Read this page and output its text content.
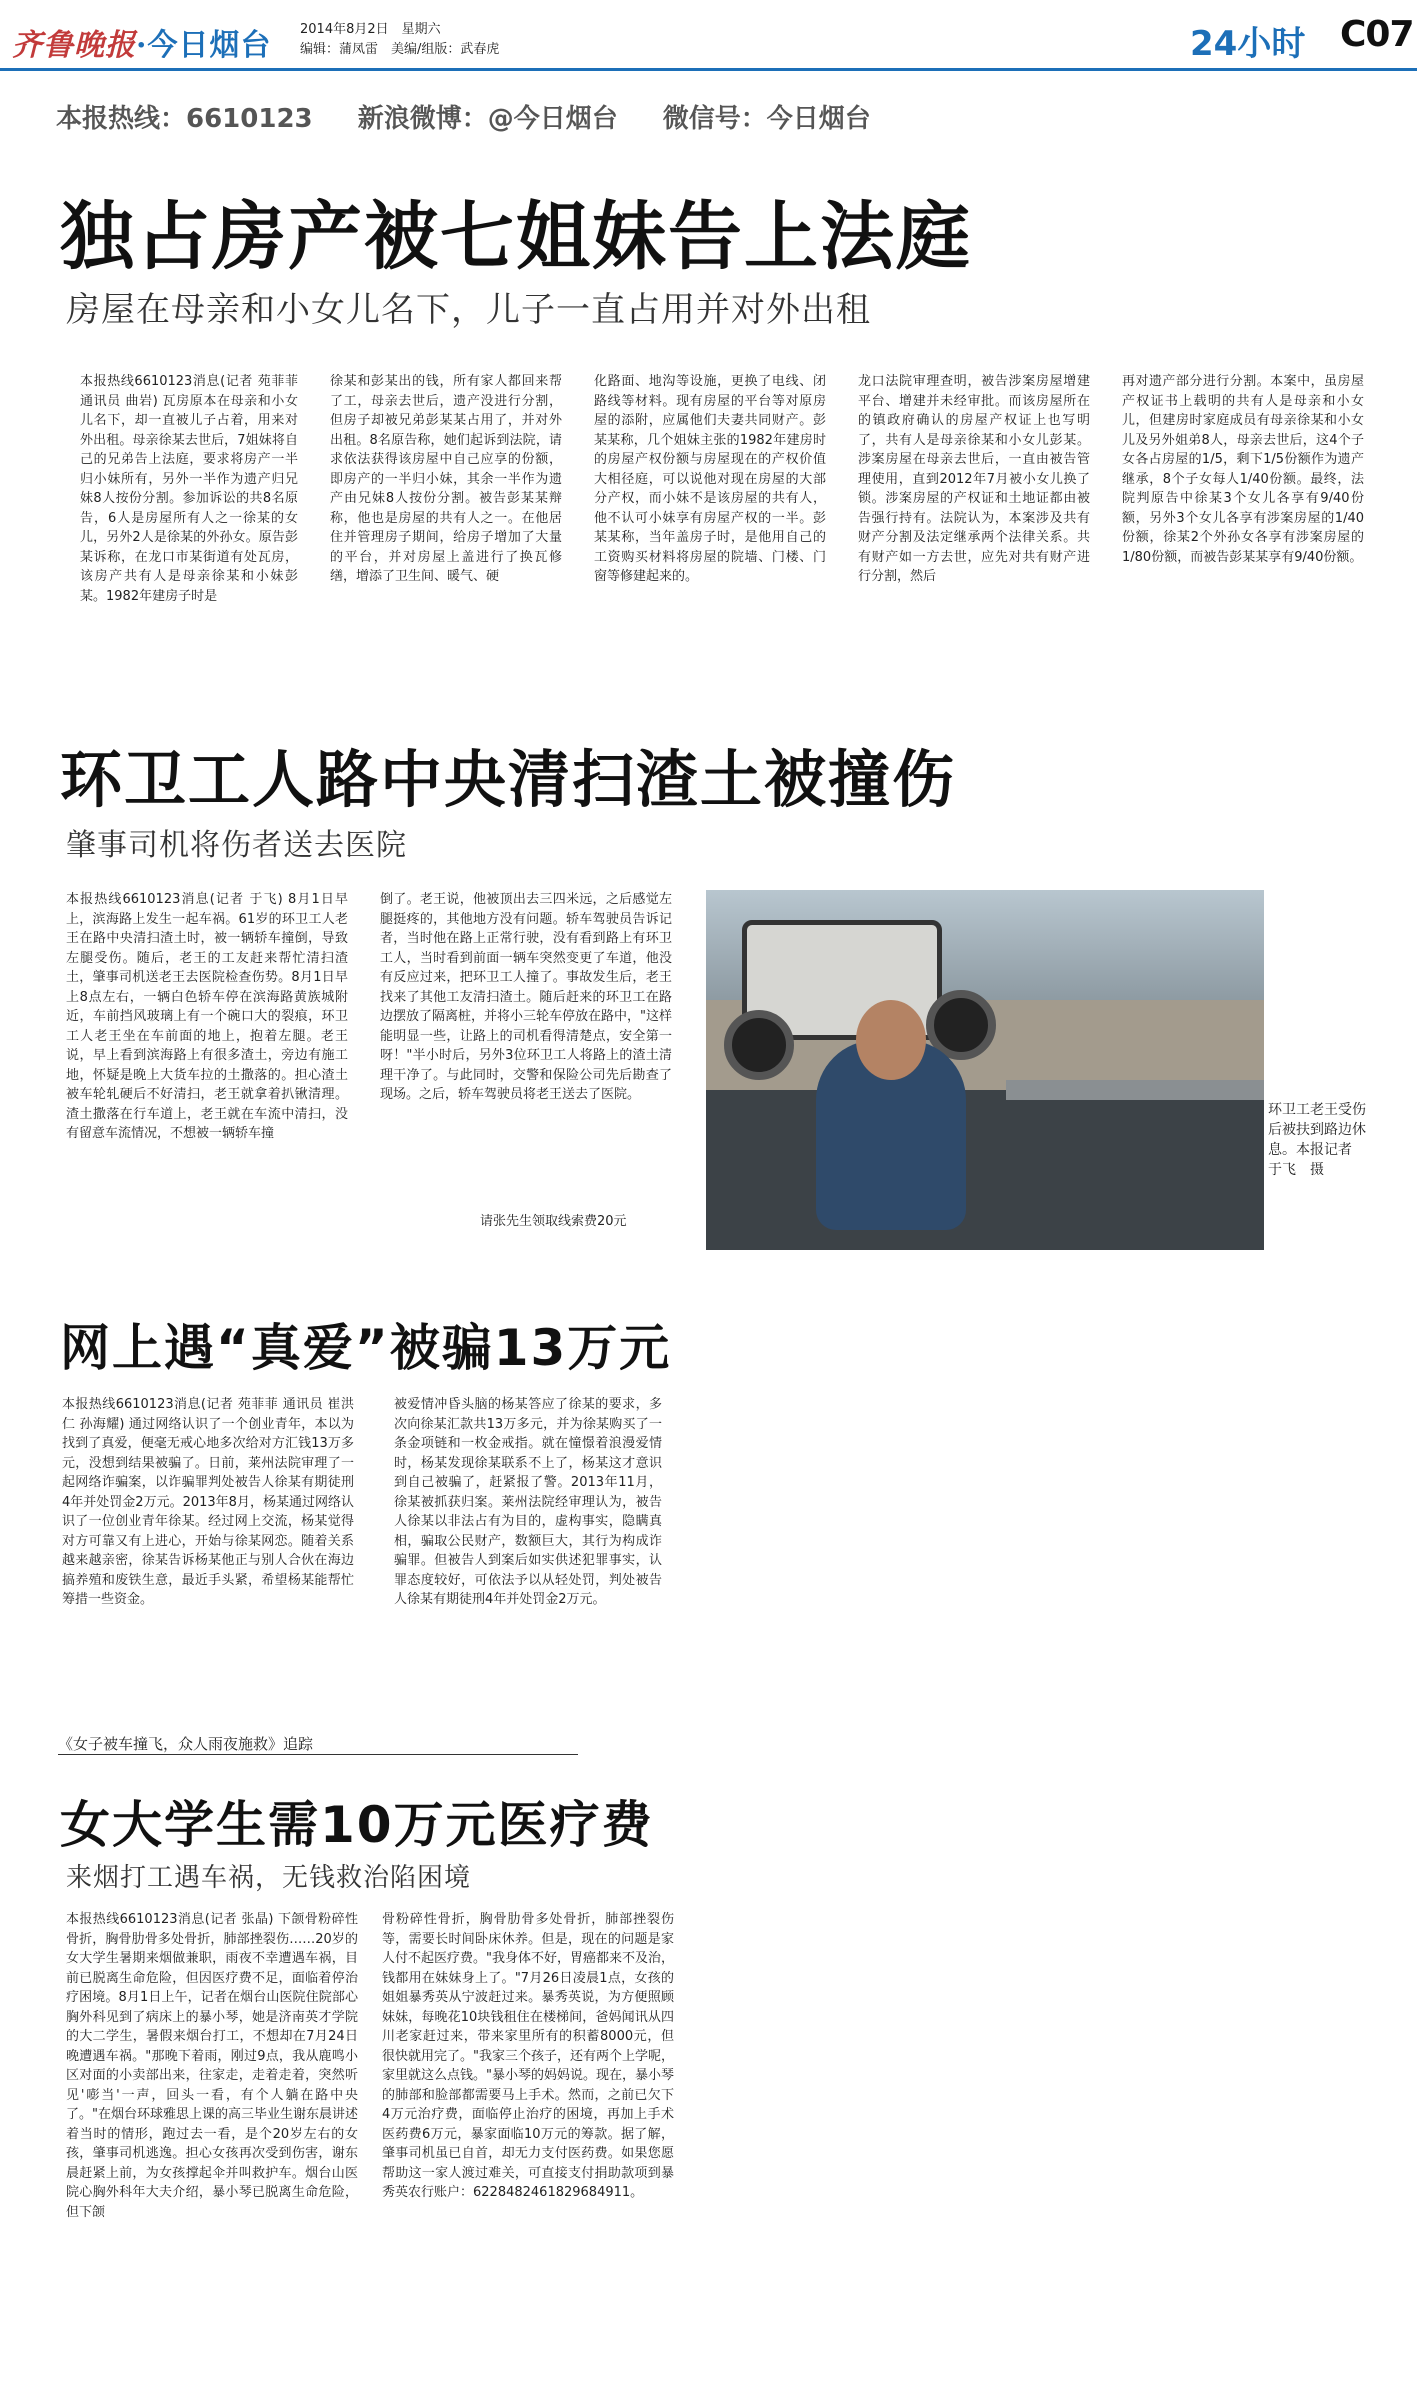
齐鲁晚报·今日烟台 2014年8月2日　星期六
编辑：蒲凤雷　美编/组版：武春虎	24小时 C07
本报热线：6610123 新浪微博：@今日烟台 微信号：今日烟台
独占房产被七姐妹告上法庭
房屋在母亲和小女儿名下，儿子一直占用并对外出租
本报热线6610123消息(记者 苑菲菲 通讯员 曲岩) 瓦房原本在母亲和小女儿名下，却一直被儿子占着，用来对外出租。母亲徐某去世后，7姐妹将自己的兄弟告上法庭，要求将房产一半归小妹所有，另外一半作为遗产归兄妹8人按份分割。参加诉讼的共8名原告，6人是房屋所有人之一徐某的女儿，另外2人是徐某的外孙女。原告彭某诉称，在龙口市某街道有处瓦房，该房产共有人是母亲徐某和小妹彭某。1982年建房子时是
徐某和彭某出的钱，所有家人都回来帮了工，母亲去世后，遗产没进行分割，但房子却被兄弟彭某某占用了，并对外出租。8名原告称，她们起诉到法院，请求依法获得该房屋中自己应享的份额，即房产的一半归小妹，其余一半作为遗产由兄妹8人按份分割。被告彭某某辩称，他也是房屋的共有人之一。在他居住并管理房子期间，给房子增加了大量的平台，并对房屋上盖进行了换瓦修缮，增添了卫生间、暖气、硬
化路面、地沟等设施，更换了电线、闭路线等材料。现有房屋的平台等对原房屋的添附，应属他们夫妻共同财产。彭某某称，几个姐妹主张的1982年建房时的房屋产权份额与房屋现在的产权价值大相径庭，可以说他对现在房屋的大部分产权，而小妹不是该房屋的共有人，他不认可小妹享有房屋产权的一半。彭某某称，当年盖房子时，是他用自己的工资购买材料将房屋的院墙、门楼、门窗等修建起来的。
龙口法院审理查明，被告涉案房屋增建平台、增建并未经审批。而该房屋所在的镇政府确认的房屋产权证上也写明了，共有人是母亲徐某和小女儿彭某。涉案房屋在母亲去世后，一直由被告管理使用，直到2012年7月被小女儿换了锁。涉案房屋的产权证和土地证都由被告强行持有。法院认为，本案涉及共有财产分割及法定继承两个法律关系。共有财产如一方去世，应先对共有财产进行分割，然后
再对遗产部分进行分割。本案中，虽房屋产权证书上载明的共有人是母亲和小女儿，但建房时家庭成员有母亲徐某和小女儿及另外姐弟8人，母亲去世后，这4个子女各占房屋的1/5，剩下1/5份额作为遗产继承，8个子女每人1/40份额。最终，法院判原告中徐某3个女儿各享有9/40份额，另外3个女儿各享有涉案房屋的1/40份额，徐某2个外孙女各享有涉案房屋的1/80份额，而被告彭某某享有9/40份额。
环卫工人路中央清扫渣土被撞伤
肇事司机将伤者送去医院
本报热线6610123消息(记者 于飞) 8月1日早上，滨海路上发生一起车祸。61岁的环卫工人老王在路中央清扫渣土时，被一辆轿车撞倒，导致左腿受伤。随后，老王的工友赶来帮忙清扫渣土，肇事司机送老王去医院检查伤势。8月1日早上8点左右，一辆白色轿车停在滨海路黄族城附近，车前挡风玻璃上有一个碗口大的裂痕，环卫工人老王坐在车前面的地上，抱着左腿。老王说，早上看到滨海路上有很多渣土，旁边有施工地，怀疑是晚上大货车拉的土撒落的。担心渣土被车轮轧硬后不好清扫，老王就拿着扒锹清理。渣土撒落在行车道上，老王就在车流中清扫，没有留意车流情况，不想被一辆轿车撞
倒了。老王说，他被顶出去三四米远，之后感觉左腿挺疼的，其他地方没有问题。轿车驾驶员告诉记者，当时他在路上正常行驶，没有看到路上有环卫工人，当时看到前面一辆车突然变更了车道，他没有反应过来，把环卫工人撞了。事故发生后，老王找来了其他工友清扫渣土。随后赶来的环卫工在路边摆放了隔离桩，并将小三轮车停放在路中，"这样能明显一些，让路上的司机看得清楚点，安全第一呀！"半小时后，另外3位环卫工人将路上的渣土清理干净了。与此同时，交警和保险公司先后勘查了现场。之后，轿车驾驶员将老王送去了医院。
请张先生领取线索费20元
环卫工老王受伤后被扶到路边休息。本报记者　于飞　摄
网上遇“真爱”被骗13万元
本报热线6610123消息(记者 苑菲菲 通讯员 崔洪仁 孙海耀) 通过网络认识了一个创业青年，本以为找到了真爱，便毫无戒心地多次给对方汇钱13万多元，没想到结果被骗了。日前，莱州法院审理了一起网络诈骗案，以诈骗罪判处被告人徐某有期徒刑4年并处罚金2万元。2013年8月，杨某通过网络认识了一位创业青年徐某。经过网上交流，杨某觉得对方可靠又有上进心，开始与徐某网恋。随着关系越来越亲密，徐某告诉杨某他正与别人合伙在海边搞养殖和废铁生意，最近手头紧，希望杨某能帮忙筹措一些资金。
被爱情冲昏头脑的杨某答应了徐某的要求，多次向徐某汇款共13万多元，并为徐某购买了一条金项链和一枚金戒指。就在憧憬着浪漫爱情时，杨某发现徐某联系不上了，杨某这才意识到自己被骗了，赶紧报了警。2013年11月，徐某被抓获归案。莱州法院经审理认为，被告人徐某以非法占有为目的，虚构事实，隐瞒真相，骗取公民财产，数额巨大，其行为构成诈骗罪。但被告人到案后如实供述犯罪事实，认罪态度较好，可依法予以从轻处罚，判处被告人徐某有期徒刑4年并处罚金2万元。
《女子被车撞飞，众人雨夜施救》追踪
女大学生需10万元医疗费
来烟打工遇车祸，无钱救治陷困境
本报热线6610123消息(记者 张晶) 下颌骨粉碎性骨折，胸骨肋骨多处骨折，肺部挫裂伤……20岁的女大学生暑期来烟做兼职，雨夜不幸遭遇车祸，目前已脱离生命危险，但因医疗费不足，面临着停治疗困境。8月1日上午，记者在烟台山医院住院部心胸外科见到了病床上的暴小琴，她是济南英才学院的大二学生，暑假来烟台打工，不想却在7月24日晚遭遇车祸。"那晚下着雨，刚过9点，我从鹿鸣小区对面的小卖部出来，往家走，走着走着，突然听见'嘭当'一声，回头一看，有个人躺在路中央了。"在烟台环球雅思上课的高三毕业生谢东晨讲述着当时的情形，跑过去一看，是个20岁左右的女孩，肇事司机逃逸。担心女孩再次受到伤害，谢东晨赶紧上前，为女孩撑起伞并叫救护车。烟台山医院心胸外科年大夫介绍，暴小琴已脱离生命危险，但下颌
骨粉碎性骨折，胸骨肋骨多处骨折，肺部挫裂伤等，需要长时间卧床休养。但是，现在的问题是家人付不起医疗费。"我身体不好，胃癌都来不及治，钱都用在妹妹身上了。"7月26日凌晨1点，女孩的姐姐暴秀英从宁波赶过来。暴秀英说，为方便照顾妹妹，每晚花10块钱租住在楼梯间，爸妈闻讯从四川老家赶过来，带来家里所有的积蓄8000元，但很快就用完了。"我家三个孩子，还有两个上学呢，家里就这么点钱。"暴小琴的妈妈说。现在，暴小琴的肺部和脸部都需要马上手术。然而，之前已欠下4万元治疗费，面临停止治疗的困境，再加上手术医药费6万元，暴家面临10万元的筹款。据了解，肇事司机虽已自首，却无力支付医药费。如果您愿帮助这一家人渡过难关，可直接支付捐助款项到暴秀英农行账户：6228482461829684911。
